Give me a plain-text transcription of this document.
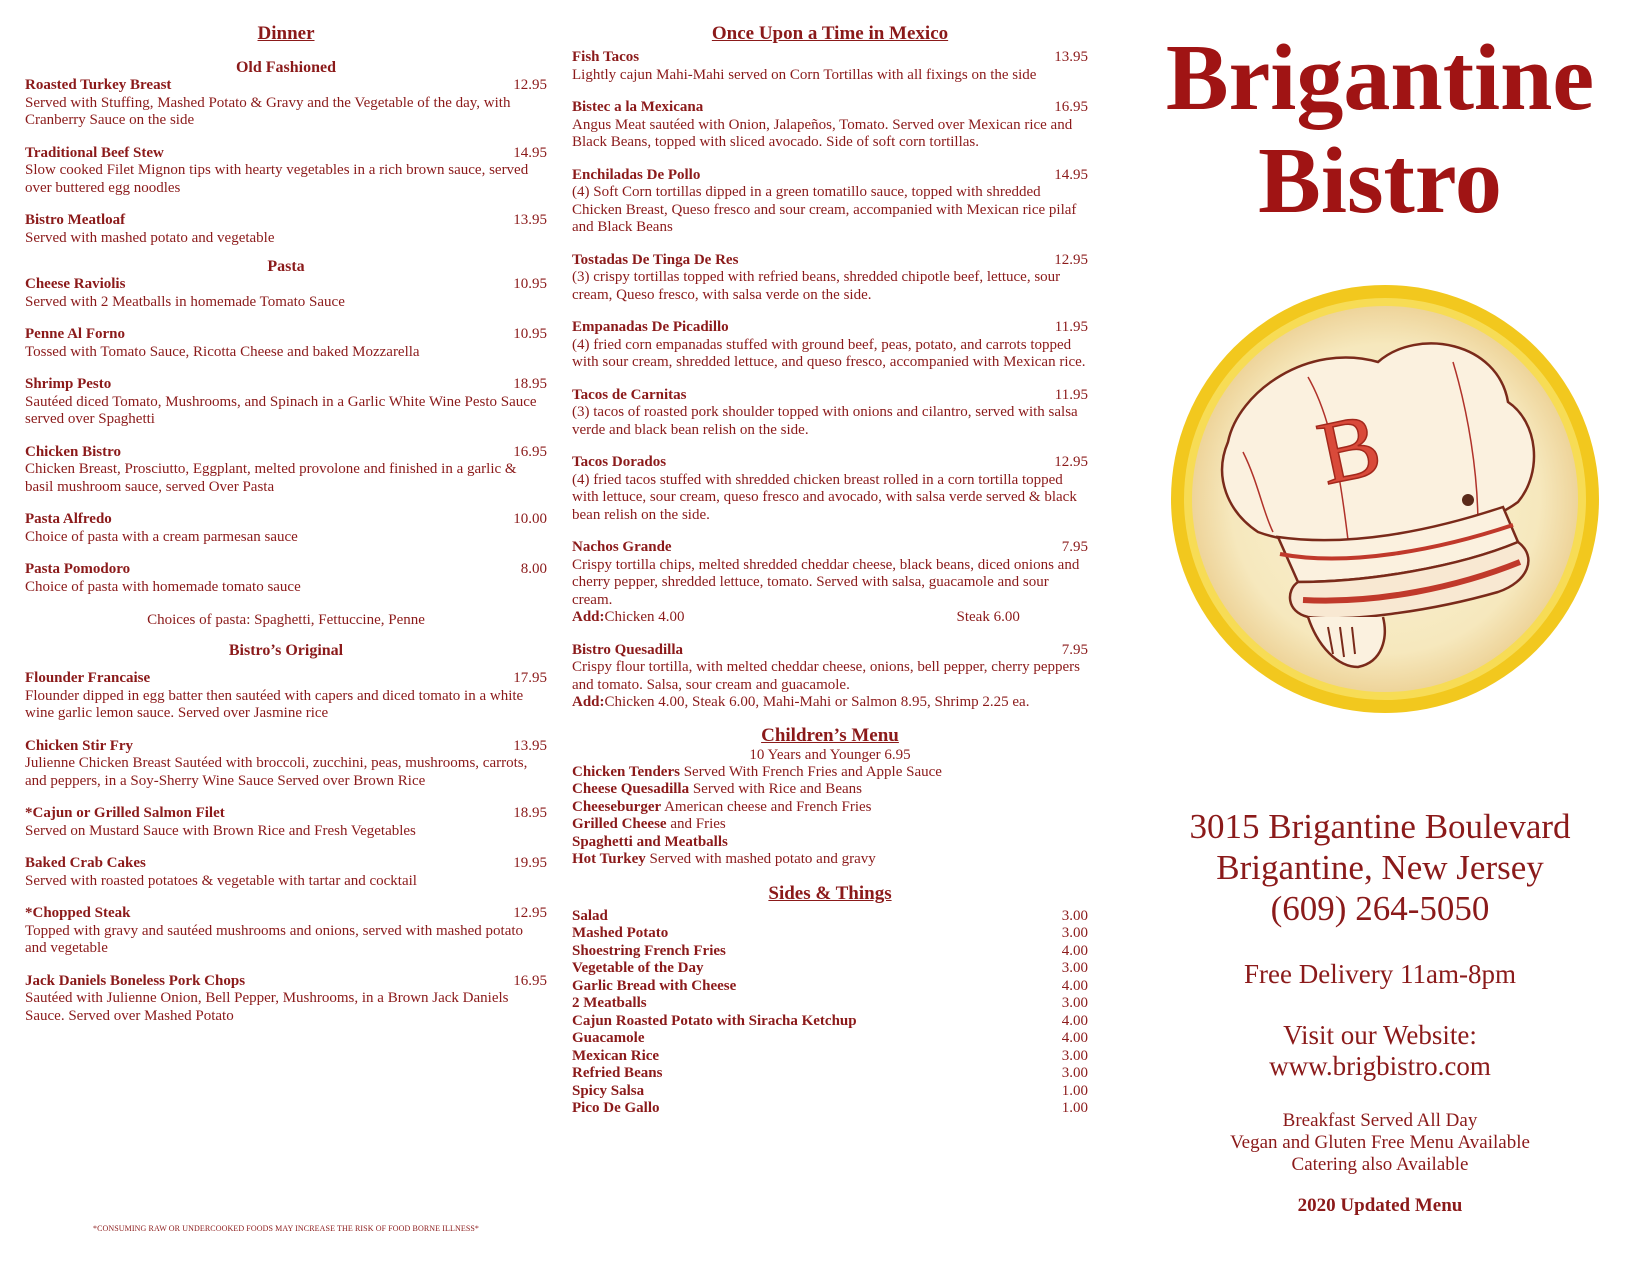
Dinner
Old Fashioned
Roasted Turkey Breast	12.95
Served with Stuffing, Mashed Potato & Gravy and the Vegetable of the day, with Cranberry Sauce on the side
Traditional Beef Stew	14.95
Slow cooked Filet Mignon tips with hearty vegetables in a rich brown sauce, served over buttered egg noodles
Bistro Meatloaf	13.95
Served with mashed potato and vegetable
Pasta
Cheese Raviolis	10.95
Served with 2 Meatballs in homemade Tomato Sauce
Penne Al Forno	10.95
Tossed with Tomato Sauce, Ricotta Cheese and baked Mozzarella
Shrimp Pesto	18.95
Sautéed diced Tomato, Mushrooms, and Spinach in a Garlic White Wine Pesto Sauce served over Spaghetti
Chicken Bistro	16.95
Chicken Breast, Prosciutto, Eggplant, melted provolone and finished in a garlic & basil mushroom sauce, served Over Pasta
Pasta Alfredo	10.00
Choice of pasta with a cream parmesan sauce
Pasta Pomodoro	8.00
Choice of pasta with homemade tomato sauce
Choices of pasta: Spaghetti, Fettuccine, Penne
Bistro’s Original
Flounder Francaise	17.95
Flounder dipped in egg batter then sautéed with capers and diced tomato in a white wine garlic lemon sauce. Served over Jasmine rice
Chicken Stir Fry	13.95
Julienne Chicken Breast Sautéed with broccoli, zucchini, peas, mushrooms, carrots, and peppers, in a Soy-Sherry Wine Sauce Served over Brown Rice
*Cajun or Grilled Salmon Filet	18.95
Served on Mustard Sauce with Brown Rice and Fresh Vegetables
Baked Crab Cakes	19.95
Served with roasted potatoes & vegetable with tartar and cocktail
*Chopped Steak	12.95
Topped with gravy and sautéed mushrooms and onions, served with mashed potato and vegetable
Jack Daniels Boneless Pork Chops	16.95
Sautéed with Julienne Onion, Bell Pepper, Mushrooms, in a Brown Jack Daniels Sauce. Served over Mashed Potato
*CONSUMING RAW OR UNDERCOOKED FOODS MAY INCREASE THE RISK OF FOOD BORNE ILLNESS*
Once Upon a Time in Mexico
Fish Tacos	13.95
Lightly cajun Mahi-Mahi served on Corn Tortillas with all fixings on the side
Bistec a la Mexicana	16.95
Angus Meat sautéed with Onion, Jalapeños, Tomato. Served over Mexican rice and Black Beans, topped with sliced avocado. Side of soft corn tortillas.
Enchiladas De Pollo	14.95
(4) Soft Corn tortillas dipped in a green tomatillo sauce, topped with shredded Chicken Breast, Queso fresco and sour cream, accompanied with Mexican rice pilaf and Black Beans
Tostadas De Tinga De Res	12.95
(3) crispy tortillas topped with refried beans, shredded chipotle beef, lettuce, sour cream, Queso fresco, with salsa verde on the side.
Empanadas De Picadillo	11.95
(4) fried corn empanadas stuffed with ground beef, peas, potato, and carrots topped with sour cream, shredded lettuce, and queso fresco, accompanied with Mexican rice.
Tacos de Carnitas	11.95
(3) tacos of roasted pork shoulder topped with onions and cilantro, served with salsa verde and black bean relish on the side.
Tacos Dorados	12.95
(4) fried tacos stuffed with shredded chicken breast rolled in a corn tortilla topped with lettuce, sour cream, queso fresco and avocado, with salsa verde served & black bean relish on the side.
Nachos Grande	7.95
Crispy tortilla chips, melted shredded cheddar cheese, black beans, diced onions and cherry pepper, shredded lettuce, tomato. Served with salsa, guacamole and sour cream.
Add: Chicken 4.00	Steak 6.00
Bistro Quesadilla	7.95
Crispy flour tortilla, with melted cheddar cheese, onions, bell pepper, cherry peppers and tomato. Salsa, sour cream and guacamole.
Add: Chicken 4.00, Steak 6.00, Mahi-Mahi or Salmon 8.95, Shrimp 2.25 ea.
Children’s Menu
10 Years and Younger 6.95
Chicken Tenders Served With French Fries and Apple Sauce
Cheese Quesadilla Served with Rice and Beans
Cheeseburger American cheese and French Fries
Grilled Cheese and Fries
Spaghetti and Meatballs
Hot Turkey Served with mashed potato and gravy
Sides & Things
Salad	3.00
Mashed Potato	3.00
Shoestring French Fries	4.00
Vegetable of the Day	3.00
Garlic Bread with Cheese	4.00
2 Meatballs	3.00
Cajun Roasted Potato with Siracha Ketchup	4.00
Guacamole	4.00
Mexican Rice	3.00
Refried Beans	3.00
Spicy Salsa	1.00
Pico De Gallo	1.00
Brigantine
Bistro
B
3015 Brigantine Boulevard
Brigantine, New Jersey
(609) 264-5050
Free Delivery 11am-8pm
Visit our Website:
www.brigbistro.com
Breakfast Served All Day
Vegan and Gluten Free Menu Available
Catering also Available
2020 Updated Menu
